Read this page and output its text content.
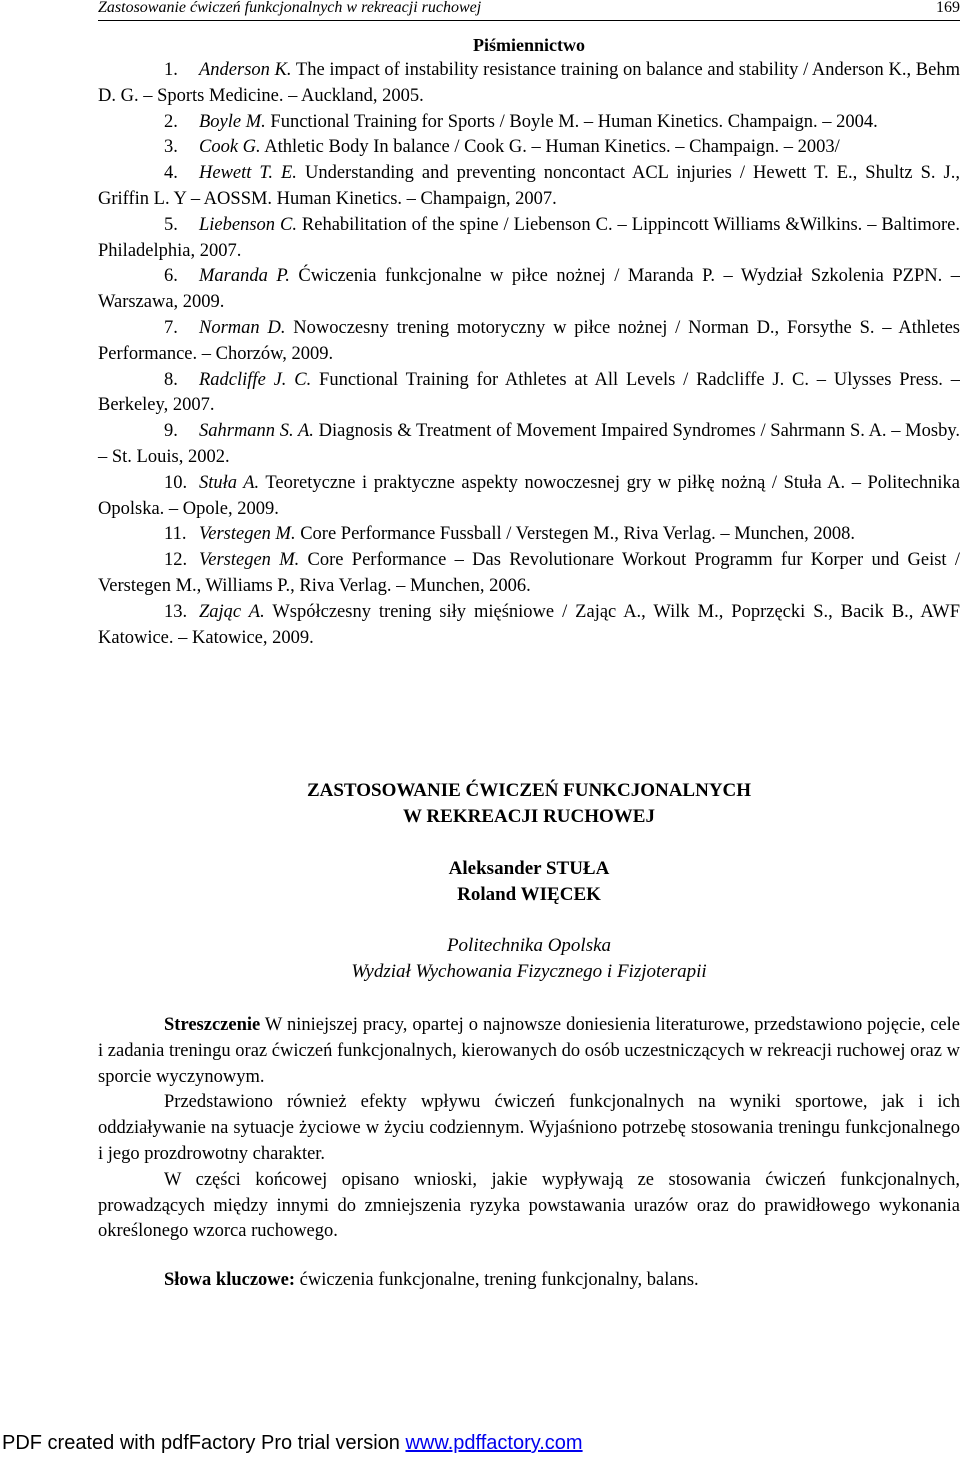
Zastosowanie ćwiczeń funkcjonalnych w rekreacji ruchowej	169
Piśmiennictwo

1. Anderson K. The impact of instability resistance training on balance and stability / Anderson K., Behm D. G. – Sports Medicine. – Auckland, 2005.

2. Boyle M. Functional Training for Sports / Boyle M. – Human Kinetics. Champaign. – 2004.

3. Cook G. Athletic Body In balance / Cook G. – Human Kinetics. – Champaign. – 2003/

4. Hewett T. E. Understanding and preventing noncontact ACL injuries / Hewett T. E., Shultz S. J., Griffin L. Y – AOSSM. Human Kinetics. – Champaign, 2007.

5. Liebenson C. Rehabilitation of the spine / Liebenson C. – Lippincott Williams &Wilkins. – Baltimore. Philadelphia, 2007.

6. Maranda P. Ćwiczenia funkcjonalne w piłce nożnej / Maranda P. – Wydział Szkolenia PZPN. – Warszawa, 2009.

7. Norman D. Nowoczesny trening motoryczny w piłce nożnej / Norman D., Forsythe S. – Athletes Performance. – Chorzów, 2009.

8. Radcliffe J. C. Functional Training for Athletes at All Levels / Radcliffe J. C. – Ulysses Press. – Berkeley, 2007.

9. Sahrmann S. A. Diagnosis & Treatment of Movement Impaired Syndromes / Sahrmann S. A. – Mosby. – St. Louis, 2002.

10. Stuła A. Teoretyczne i praktyczne aspekty nowoczesnej gry w piłkę nożną / Stuła A. – Politechnika Opolska. – Opole, 2009.

11. Verstegen M. Core Performance Fussball / Verstegen M., Riva Verlag. – Munchen, 2008.

12. Verstegen M. Core Performance – Das Revolutionare Workout Programm fur Korper und Geist / Verstegen M., Williams P., Riva Verlag. – Munchen, 2006.

13. Zając A. Współczesny trening siły mięśniowe / Zając A., Wilk M., Poprzęcki S., Bacik B., AWF Katowice. – Katowice, 2009.

ZASTOSOWANIE ĆWICZEŃ FUNKCJONALNYCH
W REKREACJI RUCHOWEJ
Aleksander STUŁA
Roland WIĘCEK
Politechnika Opolska
Wydział Wychowania Fizycznego i Fizjoterapii

Streszczenie W niniejszej pracy, opartej o najnowsze doniesienia literaturowe, przedstawiono pojęcie, cele i zadania treningu oraz ćwiczeń funkcjonalnych, kierowanych do osób uczestniczących w rekreacji ruchowej oraz w sporcie wyczynowym.

Przedstawiono również efekty wpływu ćwiczeń funkcjonalnych na wyniki sportowe, jak i ich oddziaływanie na sytuacje życiowe w życiu codziennym. Wyjaśniono potrzebę stosowania treningu funkcjonalnego i jego prozdrowotny charakter.

W części końcowej opisano wnioski, jakie wypływają ze stosowania ćwiczeń funkcjonalnych, prowadzących między innymi do zmniejszenia ryzyka powstawania urazów oraz do prawidłowego wykonania określonego wzorca ruchowego.

Słowa kluczowe: ćwiczenia funkcjonalne, trening funkcjonalny, balans.
PDF created with pdfFactory Pro trial version www.pdffactory.com
